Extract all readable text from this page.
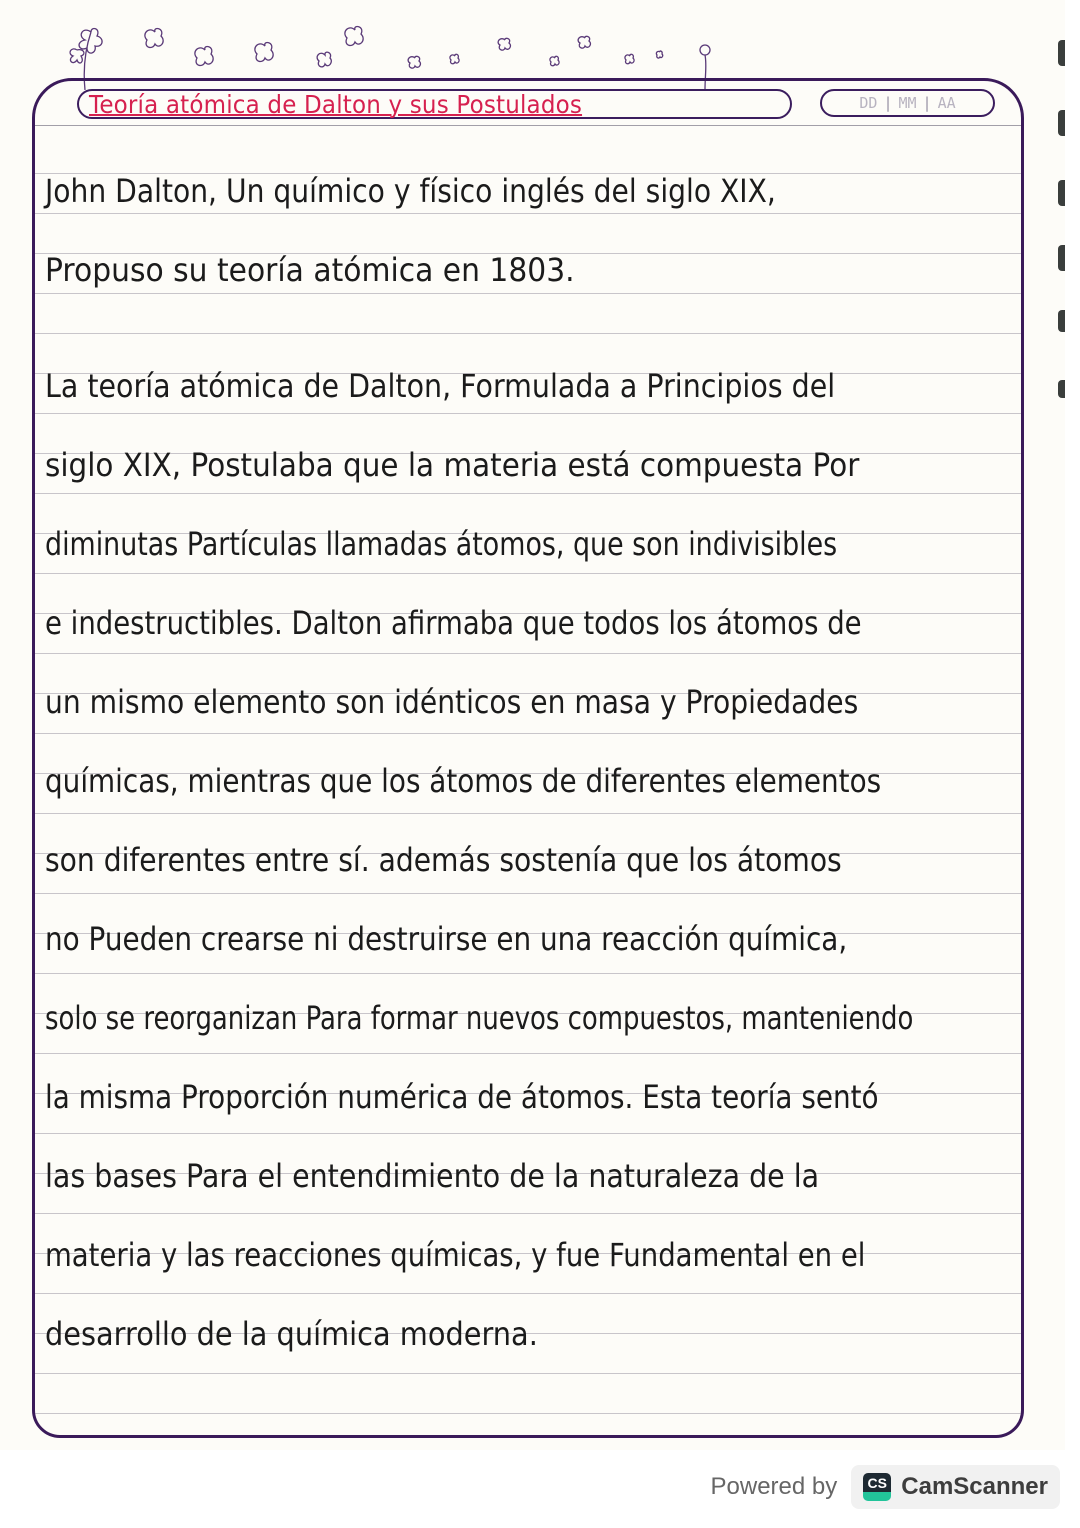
Teoría atómica de Dalton y sus Postulados	DD | MM | AA
John Dalton, Un químico y físico inglés del siglo XIX,
Propuso su teoría atómica en 1803.
La teoría atómica de Dalton, Formulada a Principios del
siglo XIX, Postulaba que la materia está compuesta Por
diminutas Partículas llamadas átomos, que son indivisibles
e indestructibles. Dalton afirmaba que todos los átomos de
un mismo elemento son idénticos en masa y Propiedades
químicas, mientras que los átomos de diferentes elementos
son diferentes entre sí. además sostenía que los átomos
no Pueden crearse ni destruirse en una reacción química,
solo se reorganizan Para formar nuevos compuestos, manteniendo
la misma Proporción numérica de átomos. Esta teoría sentó
las bases Para el entendimiento de la naturaleza de la
materia y las reacciones químicas, y fue Fundamental en el
desarrollo de la química moderna.
Powered by	CS CamScanner
